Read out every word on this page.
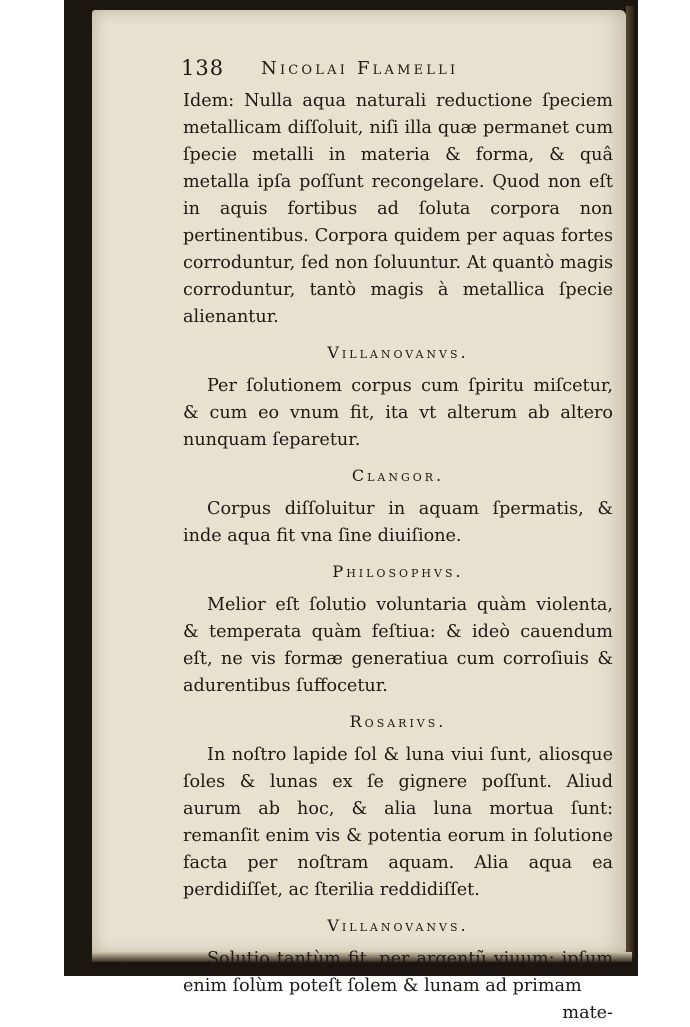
138 Nicolai Flamelli

Idem: Nulla aqua naturali reductione ſpeciem metallicam diſſoluit, niſi illa quæ permanet cum ſpecie metalli in materia & forma, & quâ metalla ipſa poſſunt recongelare. Quod non eſt in aquis fortibus ad ſoluta corpora non pertinentibus. Corpora quidem per aquas fortes corroduntur, ſed non ſoluuntur. At quantò magis corroduntur, tantò magis à metallica ſpecie alienantur.

Villanovanvs.

Per ſolutionem corpus cum ſpiritu miſcetur, & cum eo vnum fit, ita vt alterum ab altero nunquam ſeparetur.

Clangor.

Corpus diſſoluitur in aquam ſpermatis, & inde aqua fit vna ſine diuiſione.

Philosophvs.

Melior eſt ſolutio voluntaria quàm violenta, & temperata quàm feſtiua: & ideò cauendum eſt, ne vis formæ generatiua cum corroſiuis & adurentibus ſuffocetur.

Rosarivs.

In noſtro lapide ſol & luna viui ſunt, aliosque ſoles & lunas ex ſe gignere poſſunt. Aliud aurum ab hoc, & alia luna mortua ſunt: remanſit enim vis & potentia eorum in ſolutione facta per noſtram aquam. Alia aqua ea perdidiſſet, ac ſterilia reddidiſſet.

Villanovanvs.

Solutio tantùm fit, per argentũ viuum: ipſum enim ſolùm poteſt ſolem & lunam ad primam

mate-
